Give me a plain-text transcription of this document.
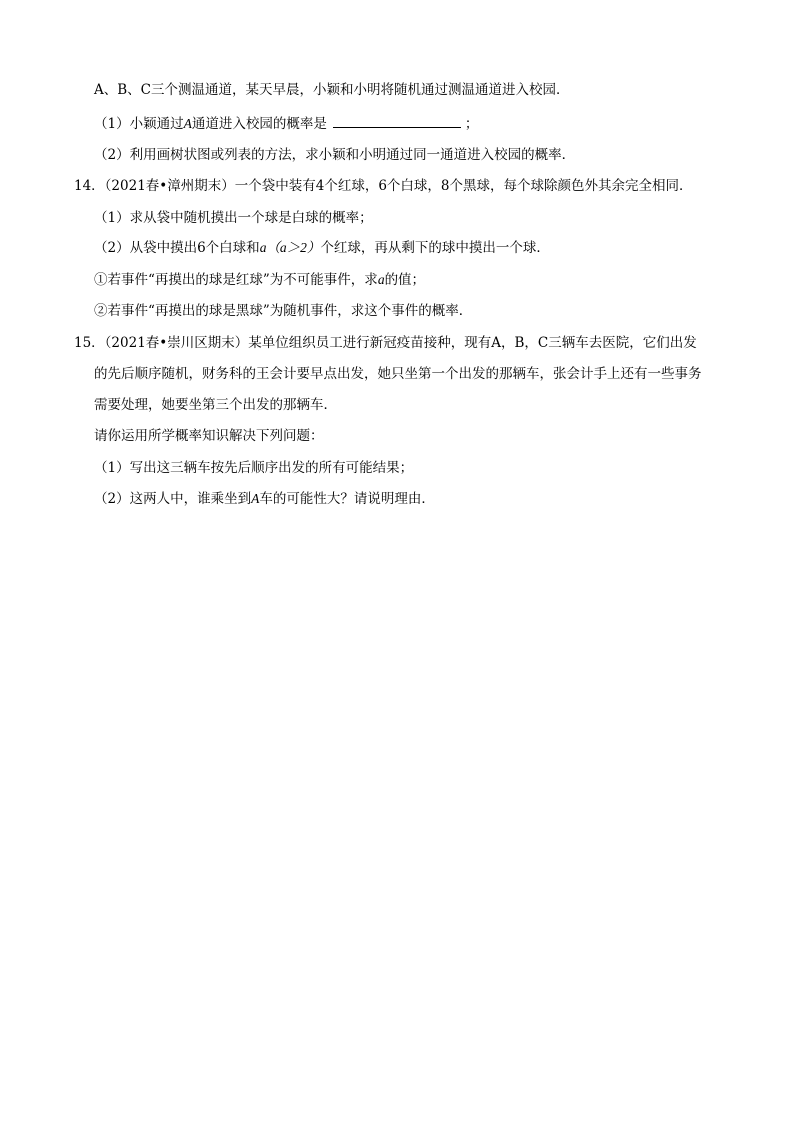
A、B、C三个测温通道，某天早晨，小颖和小明将随机通过测温通道进入校园．
（1）小颖通过A通道进入校园的概率是	；
（2）利用画树状图或列表的方法，求小颖和小明通过同一通道进入校园的概率．
14．（2021春•漳州期末）一个袋中装有4个红球，6个白球，8个黑球，每个球除颜色外其余完全相同．
（1）求从袋中随机摸出一个球是白球的概率；
（2）从袋中摸出6个白球和a（a＞2）个红球，再从剩下的球中摸出一个球．
①若事件“再摸出的球是红球”为不可能事件，求a的值；
②若事件“再摸出的球是黑球”为随机事件，求这个事件的概率．
15．（2021春•崇川区期末）某单位组织员工进行新冠疫苗接种，现有A，B，C三辆车去医院，它们出发
的先后顺序随机，财务科的王会计要早点出发，她只坐第一个出发的那辆车，张会计手上还有一些事务
需要处理，她要坐第三个出发的那辆车．
请你运用所学概率知识解决下列问题：
（1）写出这三辆车按先后顺序出发的所有可能结果；
（2）这两人中，谁乘坐到A车的可能性大？请说明理由．
